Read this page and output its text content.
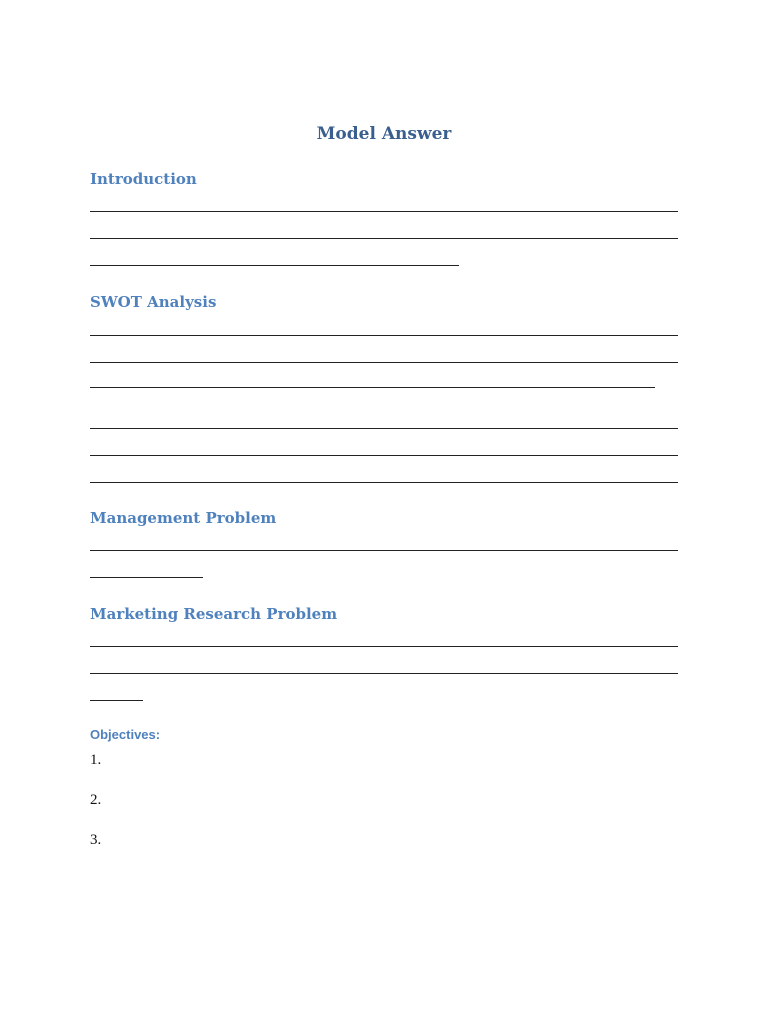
Model Answer
Introduction
SWOT Analysis
Management Problem
Marketing Research Problem
Objectives:
1.
2.
3.
